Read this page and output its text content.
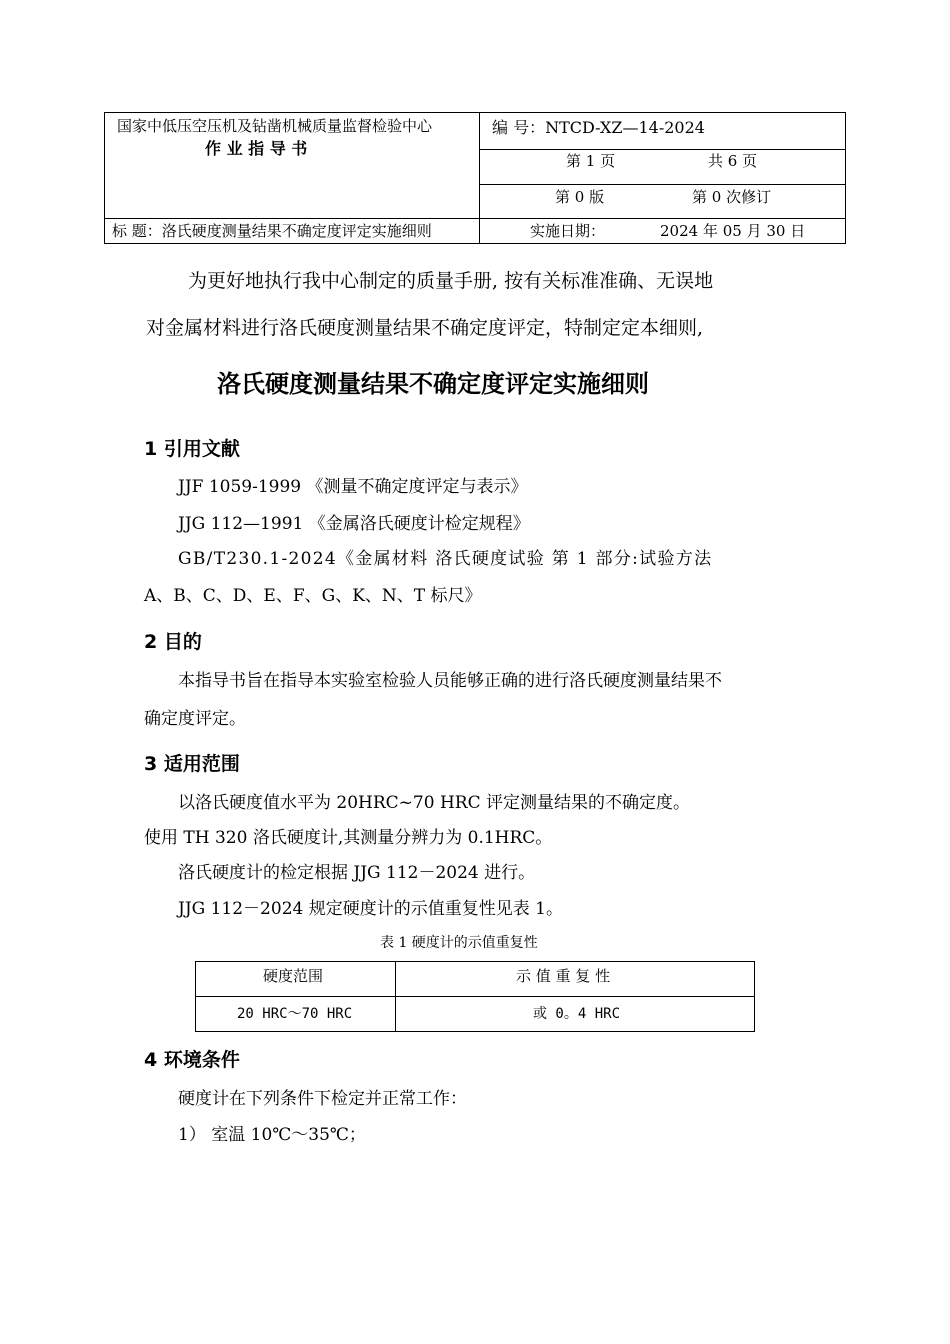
国家中低压空压机及钻凿机械质量监督检验中心
作 业 指 导 书
编 号：NTCD-XZ—14-2024
第 1 页	共 6 页
第 0 版	第 0 次修订
标 题：洛氏硬度测量结果不确定度评定实施细则	实施日期：	2024 年 05 月 30 日
为更好地执行我中心制定的质量手册, 按有关标准准确、无误地
对金属材料进行洛氏硬度测量结果不确定度评定，特制定定本细则,
洛氏硬度测量结果不确定度评定实施细则
1 引用文献
JJF 1059-1999 《测量不确定度评定与表示》
JJG 112—1991 《金属洛氏硬度计检定规程》
GB/T230.1-2024《金属材料 洛氏硬度试验 第 1 部分:试验方法
A、B、C、D、E、F、G、K、N、T 标尺》
2 目的
本指导书旨在指导本实验室检验人员能够正确的进行洛氏硬度测量结果不
确定度评定。
3 适用范围
以洛氏硬度值水平为 20HRC~70 HRC 评定测量结果的不确定度。
使用 TH 320 洛氏硬度计,其测量分辨力为 0.1HRC。
洛氏硬度计的检定根据 JJG 112－2024 进行。
JJG 112－2024 规定硬度计的示值重复性见表 1。
表 1 硬度计的示值重复性
硬度范围	示 值 重 复 性
20 HRC～70 HRC	或 0。4 HRC
4 环境条件
硬度计在下列条件下检定并正常工作：
1） 室温 10℃～35℃；
